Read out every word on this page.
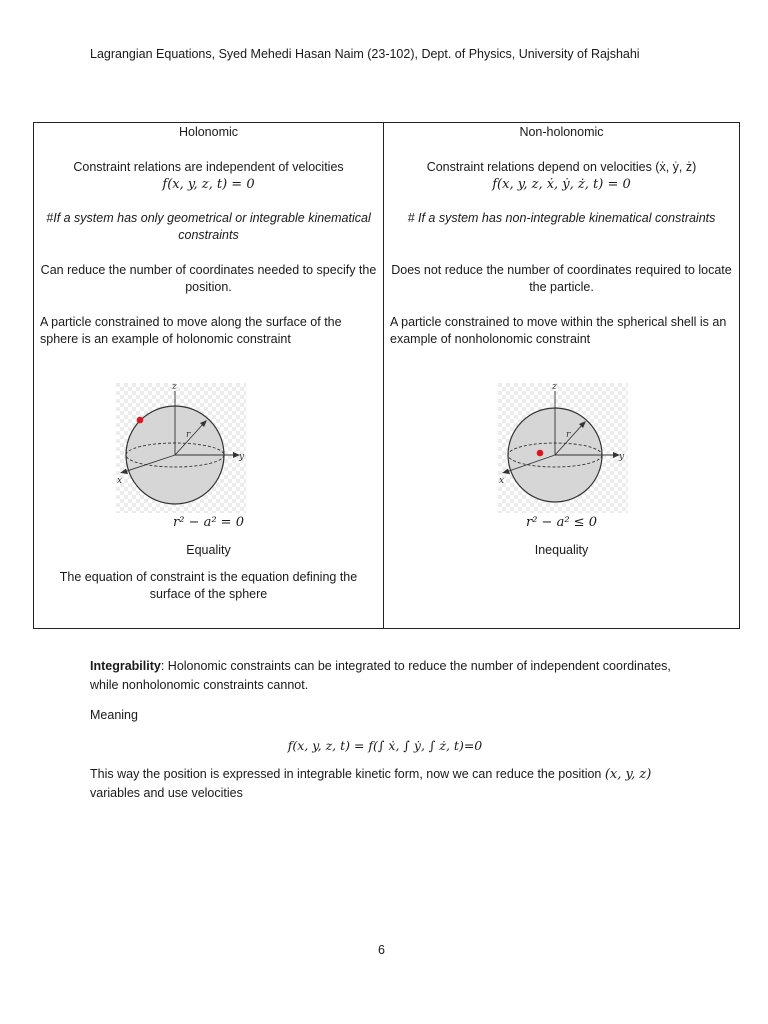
Lagrangian Equations, Syed Mehedi Hasan Naim (23-102), Dept. of Physics, University of Rajshahi
Holonomic
Constraint relations are independent of velocities
f(x, y, z, t) = 0
#If a system has only geometrical or integrable kinematical constraints
Can reduce the number of coordinates needed to specify the position.
A particle constrained to move along the surface of the sphere is an example of holonomic constraint
z
y
x
r
r² − a² = 0
Equality
The equation of constraint is the equation defining the surface of the sphere
Non-holonomic
Constraint relations depend on velocities (ẋ, ẏ, ż)
f(x, y, z, ẋ, ẏ, ż, t) = 0
# If a system has non-integrable kinematical constraints
Does not reduce the number of coordinates required to locate the particle.
A particle constrained to move within the spherical shell is an example of nonholonomic constraint
z
y
x
r
r² − a² ≤ 0
Inequality
Integrability: Holonomic constraints can be integrated to reduce the number of independent coordinates, while nonholonomic constraints cannot.
Meaning
f(x, y, z, t) = f(∫ ẋ, ∫ ẏ, ∫ ż, t)=0
This way the position is expressed in integrable kinetic form, now we can reduce the position (x, y, z) variables and use velocities
6
